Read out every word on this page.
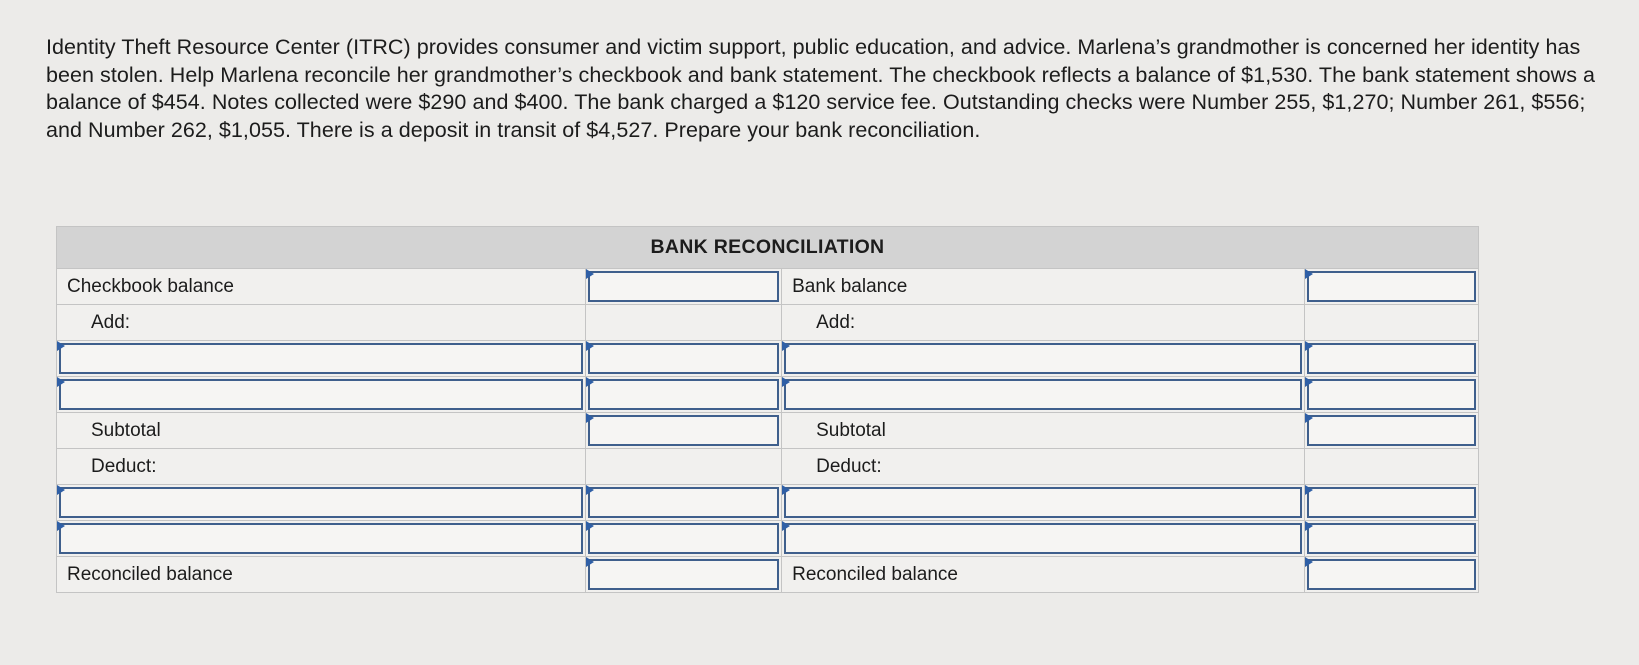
Identity Theft Resource Center (ITRC) provides consumer and victim support, public education, and advice. Marlena’s grandmother is concerned her identity has been stolen. Help Marlena reconcile her grandmother’s checkbook and bank statement. The checkbook reflects a balance of $1,530. The bank statement shows a balance of $454. Notes collected were $290 and $400. The bank charged a $120 service fee. Outstanding checks were Number 255, $1,270; Number 261, $556; and Number 262, $1,055. There is a deposit in transit of $4,527. Prepare your bank reconciliation.
BANK RECONCILIATION			
Checkbook balance		Bank balance	

Add:		Add:	

Subtotal		Subtotal	

Deduct:		Deduct:	

Reconciled balance		Reconciled balance	
